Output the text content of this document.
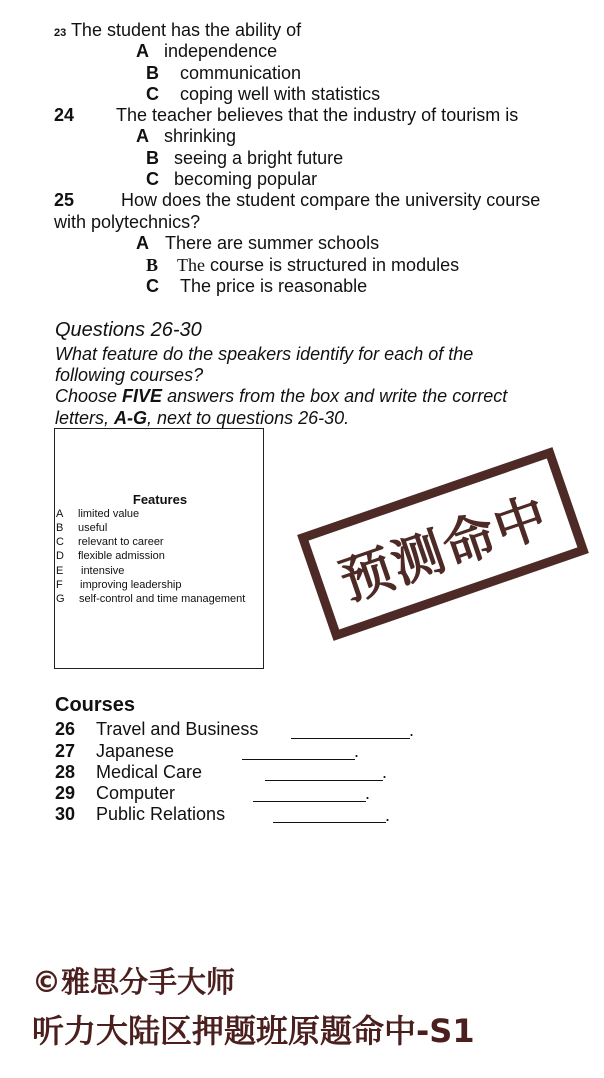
23 The student has the ability of
A independence
B communication
C coping well with statistics
24 The teacher believes that the industry of tourism is
A shrinking
B seeing a bright future
C becoming popular
25	How does the student compare the university course
with polytechnics?
A There are summer schools
B The course is structured in modules
C The price is reasonable
Questions 26-30
What feature do the speakers identify for each of the
following courses?
Choose FIVE answers from the box and write the correct
letters, A-G, next to questions 26-30.
Features
A limited value
B useful
C relevant to career
D flexible admission
E intensive
F improving leadership
G self-control and time management 预测命中
Courses
26 Travel and Business	.
27 Japanese	.
28 Medical Care	.
29 Computer	.
30 Public Relations	.
©雅思分手大师
听力大陆区押题班原题命中-S1
